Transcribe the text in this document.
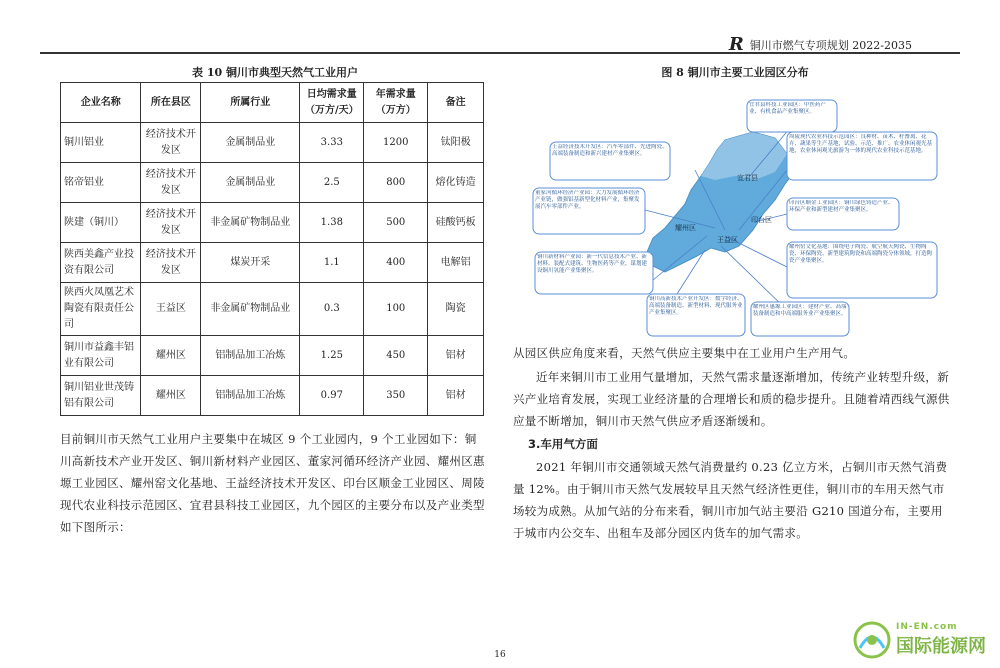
R 铜川市燃气专项规划 2022-2035
表 10 铜川市典型天然气工业用户
企业名称	所在县区	所属行业	日均需求量（万方/天）	年需求量（万方）	备注
铜川铝业	经济技术开发区	金属制品业	3.33	1200	钛阳极
铭帝铝业	经济技术开发区	金属制品业	2.5	800	熔化铸造
陕建（铜川）	经济技术开发区	非金属矿物制品业	1.38	500	硅酸钙板
陕西美鑫产业投资有限公司	经济技术开发区	煤炭开采	1.1	400	电解铝
陕西火凤凰艺术陶瓷有限责任公司	王益区	非金属矿物制品业	0.3	100	陶瓷
铜川市益鑫丰铝业有限公司	耀州区	铝制品加工冶炼	1.25	450	铝材
铜川铝业世茂铸铝有限公司	耀州区	铝制品加工冶炼	0.97	350	铝材
目前铜川市天然气工业用户主要集中在城区 9 个工业园内，9 个工业园如下：铜川高新技术产业开发区、铜川新材料产业园区、董家河循环经济产业园、耀州区惠塬工业园区、耀州窑文化基地、王益经济技术开发区、印台区顺金工业园区、周陵现代农业科技示范园区、宜君县科技工业园区，九个园区的主要分布以及产业类型如下图所示：
图 8 铜川市主要工业园区分布
宜君县
耀州区
印台区
王益区
宜君县科技工业园区：中医药产业、有机食品产业集聚区。
王益经济技术开发区：汽车零部件、先进陶瓷、高端装备制造和新兴建材产业集聚区。
周陵现代农业科技示范园区：良种材、苗木、籽畜禽、花卉、蔬果等生产基地，试验、示范、推广、农业休闲观光基地，农业休闲观光旅游为一体的现代农业科技示范基地。
董家河循环经济产业园：大力发展循环经济产业链，做强铝基新型化材料产业，集聚发展汽车零部件产业。
印台区顺金工业园区：铜川绿色铸造产业、环保产业和新型建材产业集聚区。
铜川新材料产业园：新一代信息技术产业、新材料、装配式建筑、生物医药等产业，谋划建设铜川氢能产业集聚区。
耀州窑文化基地：围绕电子陶瓷、航空航天陶瓷、生物陶瓷、环保陶瓷、新型建筑陶瓷和高端陶瓷分体领域，打造陶瓷产业集聚区。
铜川高新技术产业开发区：数字经济、高端装备制造、新型材料、现代服务业产业集聚区。
耀州区惠塬工业园区：建材产业、高端装备制造和中高端服务业产业集聚区。
从园区供应角度来看，天然气供应主要集中在工业用户生产用气。
近年来铜川市工业用气量增加，天然气需求量逐渐增加，传统产业转型升级，新兴产业培育发展，实现工业经济量的合理增长和质的稳步提升。且随着靖西线气源供应量不断增加，铜川市天然气供应矛盾逐渐缓和。
3.车用气方面
2021 年铜川市交通领域天然气消费量约 0.23 亿立方米，占铜川市天然气消费量 12%。由于铜川市天然气发展较早且天然气经济性更佳，铜川市的车用天然气市场较为成熟。从加气站的分布来看，铜川市加气站主要沿 G210 国道分布，主要用于城市内公交车、出租车及部分园区内货车的加气需求。
16
IN-EN.com
国际能源网
